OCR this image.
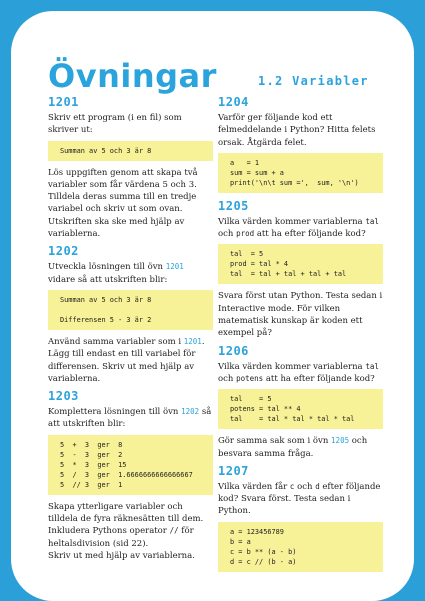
Övningar	1.2 Variabler
1201
Skriv ett program (i en fil) som skriver ut:
Summan av 5 och 3 är 8
Lös uppgiften genom att skapa två variabler som får värdena 5 och 3. Tilldela deras summa till en tredje variabel och skriv ut som ovan. Utskriften ska ske med hjälp av variablerna.
1202
Utveckla lösningen till övn 1201 vidare så att utskriften blir:
Summan av 5 och 3 är 8

Differensen 5 - 3 är 2
Använd samma variabler som i 1201. Lägg till endast en till variabel för differensen. Skriv ut med hjälp av variablerna.
1203
Komplettera lösningen till övn 1202 så att utskriften blir:
5  +  3  ger  8
5  -  3  ger  2
5  *  3  ger  15
5  /  3  ger  1.6666666666666667
5  // 3  ger  1
Skapa ytterligare variabler och tilldela de fyra räknesätten till dem.
Inkludera Pythons operator // för heltalsdivision (sid 22).
Skriv ut med hjälp av variablerna.
1204
Varför ger följande kod ett felmeddelande i Python? Hitta felets orsak. Åtgärda felet.
a   = 1
sum = sum + a
print('\n\t sum =',  sum, '\n')
1205
Vilka värden kommer variablerna tal och prod att ha efter följande kod?
tal  = 5
prod = tal * 4
tal  = tal + tal + tal + tal
Svara först utan Python. Testa sedan i Interactive mode. För vilken matematisk kunskap är koden ett exempel på?
1206
Vilka värden kommer variablerna tal och potens att ha efter följande kod?
tal    = 5
potens = tal ** 4
tal    = tal * tal * tal * tal
Gör samma sak som i övn 1205 och besvara samma fråga.
1207
Vilka värden får c och d efter följande kod? Svara först. Testa sedan i Python.
a = 123456789
b = a
c = b ** (a - b)
d = c // (b - a)
